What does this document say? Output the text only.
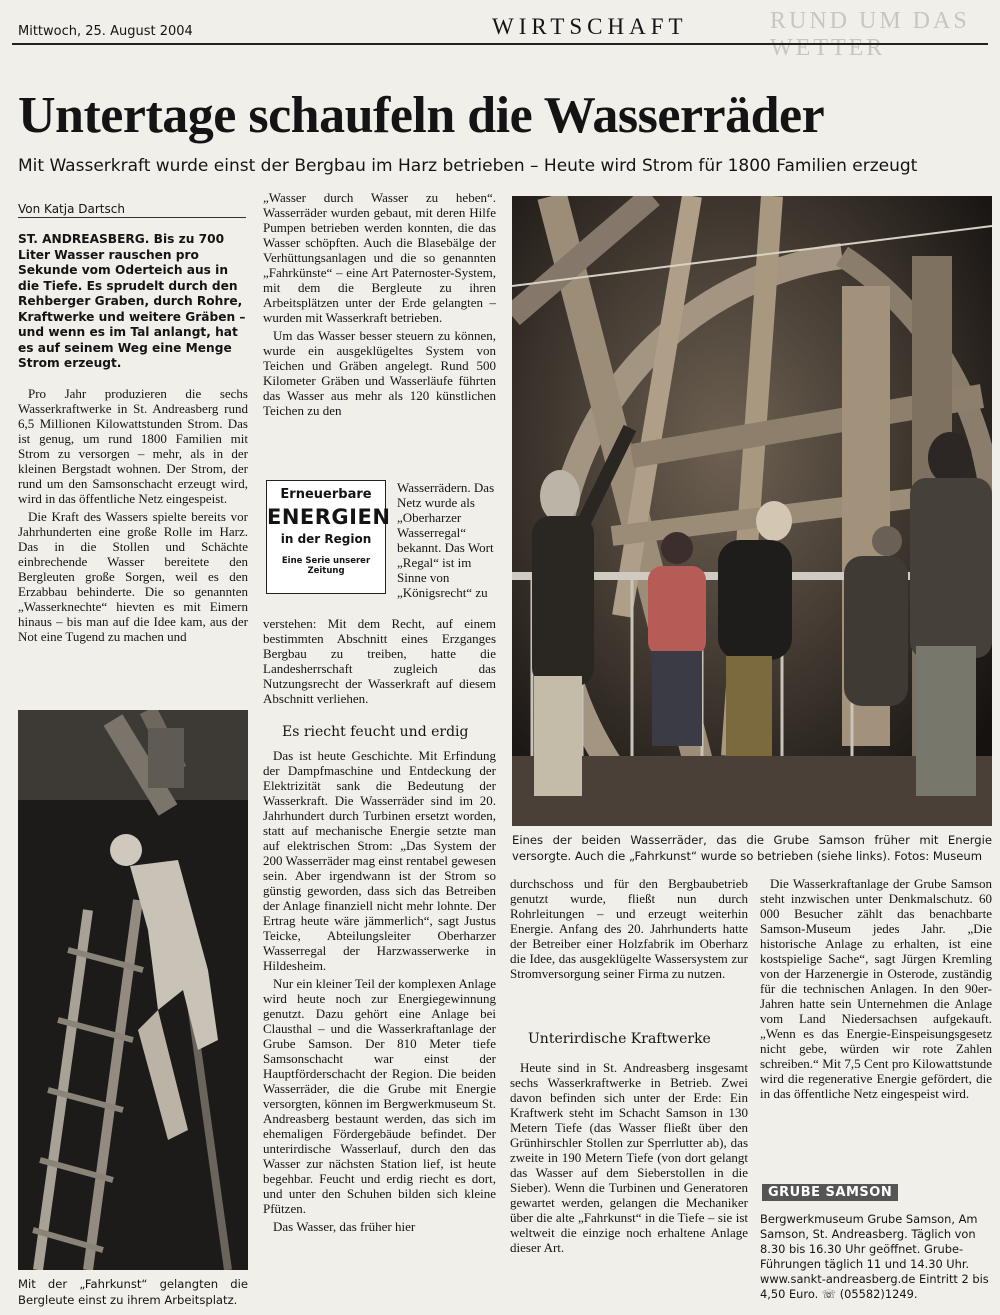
RUND UM DAS WETTER
Mittwoch, 25. August 2004	WIRTSCHAFT
Untertage schaufeln die Wasserräder
Mit Wasserkraft wurde einst der Bergbau im Harz betrieben – Heute wird Strom für 1800 Familien erzeugt
Von Katja Dartsch
ST. ANDREASBERG. Bis zu 700 Liter Wasser rauschen pro Sekunde vom Oderteich aus in die Tiefe. Es sprudelt durch den Rehberger Graben, durch Rohre, Kraftwerke und weitere Gräben – und wenn es im Tal anlangt, hat es auf seinem Weg eine Menge Strom erzeugt.

Pro Jahr produzieren die sechs Wasserkraftwerke in St. Andreasberg rund 6,5 Millionen Kilowattstunden Strom. Das ist genug, um rund 1800 Familien mit Strom zu versorgen – mehr, als in der kleinen Bergstadt wohnen. Der Strom, der rund um den Samsonschacht erzeugt wird, wird in das öffentliche Netz eingespeist.

Die Kraft des Wassers spielte bereits vor Jahrhunderten eine große Rolle im Harz. Das in die Stollen und Schächte einbrechende Wasser bereitete den Bergleuten große Sorgen, weil es den Erzabbau behinderte. Die so genannten „Wasserknechte“ hievten es mit Eimern hinaus – bis man auf die Idee kam, aus der Not eine Tugend zu machen und

„Wasser durch Wasser zu heben“. Wasserräder wurden gebaut, mit deren Hilfe Pumpen betrieben werden konnten, die das Wasser schöpften. Auch die Blasebälge der Verhüttungsanlagen und die so genannten „Fahrkünste“ – eine Art Paternoster-System, mit dem die Bergleute zu ihren Arbeitsplätzen unter der Erde gelangten – wurden mit Wasserkraft betrieben.

Um das Wasser besser steuern zu können, wurde ein ausgeklügeltes System von Teichen und Gräben angelegt. Rund 500 Kilometer Gräben und Wasserläufe führten das Wasser aus mehr als 120 künstlichen Teichen zu den

Erneuerbare
ENERGIEN
in der Region
Eine Serie unserer Zeitung

Wasserrädern. Das Netz wurde als „Oberharzer Wasserregal“ bekannt. Das Wort „Regal“ ist im Sinne von „Königsrecht“ zu

verstehen: Mit dem Recht, auf einem bestimmten Abschnitt eines Erzganges Bergbau zu treiben, hatte die Landesherrschaft zugleich das Nutzungsrecht der Wasserkraft auf diesem Abschnitt verliehen.

Es riecht feucht und erdig

Das ist heute Geschichte. Mit Erfindung der Dampfmaschine und Entdeckung der Elektrizität sank die Bedeutung der Wasserkraft. Die Wasserräder sind im 20. Jahrhundert durch Turbinen ersetzt worden, statt auf mechanische Energie setzte man auf elektrischen Strom: „Das System der 200 Wasserräder mag einst rentabel gewesen sein. Aber irgendwann ist der Strom so günstig geworden, dass sich das Betreiben der Anlage finanziell nicht mehr lohnte. Der Ertrag heute wäre jämmerlich“, sagt Justus Teicke, Abteilungsleiter Oberharzer Wasserregal der Harzwasserwerke in Hildesheim.

Nur ein kleiner Teil der komplexen Anlage wird heute noch zur Energiegewinnung genutzt. Dazu gehört eine Anlage bei Clausthal – und die Wasserkraftanlage der Grube Samson. Der 810 Meter tiefe Samsonschacht war einst der Hauptförderschacht der Region. Die beiden Wasserräder, die die Grube mit Energie versorgten, können im Bergwerkmuseum St. Andreasberg bestaunt werden, das sich im ehemaligen Fördergebäude befindet. Der unterirdische Wasserlauf, durch den das Wasser zur nächsten Station lief, ist heute begehbar. Feucht und erdig riecht es dort, und unter den Schuhen bilden sich kleine Pfützen.

Das Wasser, das früher hier

Eines der beiden Wasserräder, das die Grube Samson früher mit Energie versorgte. Auch die „Fahrkunst“ wurde so betrieben (siehe links). Fotos: Museum
Mit der „Fahrkunst“ gelangten die Bergleute einst zu ihrem Arbeitsplatz.

durchschoss und für den Bergbaubetrieb genutzt wurde, fließt nun durch Rohrleitungen – und erzeugt weiterhin Energie. Anfang des 20. Jahrhunderts hatte der Betreiber einer Holzfabrik im Oberharz die Idee, das ausgeklügelte Wassersystem zur Stromversorgung seiner Firma zu nutzen.

Unterirdische Kraftwerke

Heute sind in St. Andreasberg insgesamt sechs Wasserkraftwerke in Betrieb. Zwei davon befinden sich unter der Erde: Ein Kraftwerk steht im Schacht Samson in 130 Metern Tiefe (das Wasser fließt über den Grünhirschler Stollen zur Sperrlutter ab), das zweite in 190 Metern Tiefe (von dort gelangt das Wasser auf dem Sieberstollen in die Sieber). Wenn die Turbinen und Generatoren gewartet werden, gelangen die Mechaniker über die alte „Fahrkunst“ in die Tiefe – sie ist weltweit die einzige noch erhaltene Anlage dieser Art.

Die Wasserkraftanlage der Grube Samson steht inzwischen unter Denkmalschutz. 60 000 Besucher zählt das benachbarte Samson-Museum jedes Jahr. „Die historische Anlage zu erhalten, ist eine kostspielige Sache“, sagt Jürgen Kremling von der Harzenergie in Osterode, zuständig für die technischen Anlagen. In den 90er-Jahren hatte sein Unternehmen die Anlage vom Land Niedersachsen aufgekauft. „Wenn es das Energie-Einspeisungsgesetz nicht gebe, würden wir rote Zahlen schreiben.“ Mit 7,5 Cent pro Kilowattstunde wird die regenerative Energie gefördert, die in das öffentliche Netz eingespeist wird.

GRUBE SAMSON

Bergwerkmuseum Grube Samson, Am Samson, St. Andreasberg. Täglich von 8.30 bis 16.30 Uhr geöffnet. Grube-Führungen täglich 11 und 14.30 Uhr. www.sankt-andreasberg.de Eintritt 2 bis 4,50 Euro. ☏ (05582)1249.
